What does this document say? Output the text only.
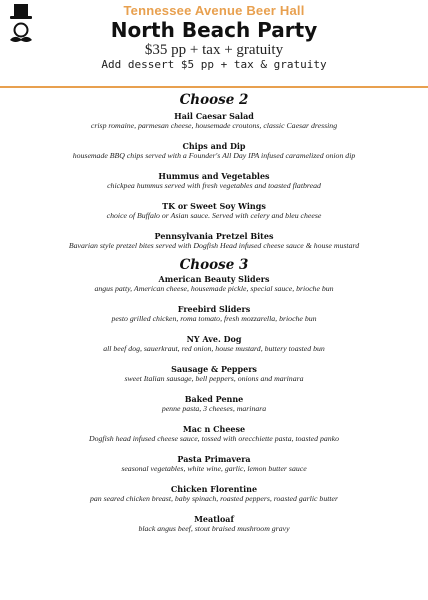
Tennessee Avenue Beer Hall
North Beach Party
$35 pp + tax + gratuity
Add dessert $5 pp + tax & gratuity
Choose 2
Hail Caesar Salad
crisp romaine, parmesan cheese, housemade croutons, classic Caesar dressing
Chips and Dip
housemade BBQ chips served with a Founder's All Day IPA infused caramelized onion dip
Hummus and Vegetables
chickpea hummus served with fresh vegetables and toasted flatbread
TK or Sweet Soy Wings
choice of Buffalo or Asian sauce. Served with celery and bleu cheese
Pennsylvania Pretzel Bites
Bavarian style pretzel bites served with Dogfish Head infused cheese sauce & house mustard
Choose 3
American Beauty Sliders
angus patty, American cheese, housemade pickle, special sauce, brioche bun
Freebird Sliders
pesto grilled chicken, roma tomato, fresh mozzarella, brioche bun
NY Ave. Dog
all beef dog, sauerkraut, red onion, house mustard, buttery toasted bun
Sausage & Peppers
sweet Italian sausage, bell peppers, onions and marinara
Baked Penne
penne pasta, 3 cheeses, marinara
Mac n Cheese
Dogfish head infused cheese sauce, tossed with orecchiette pasta, toasted panko
Pasta Primavera
seasonal vegetables, white wine, garlic, lemon butter sauce
Chicken Florentine
pan seared chicken breast, baby spinach, roasted peppers, roasted garlic butter
Meatloaf
black angus beef, stout braised mushroom gravy
